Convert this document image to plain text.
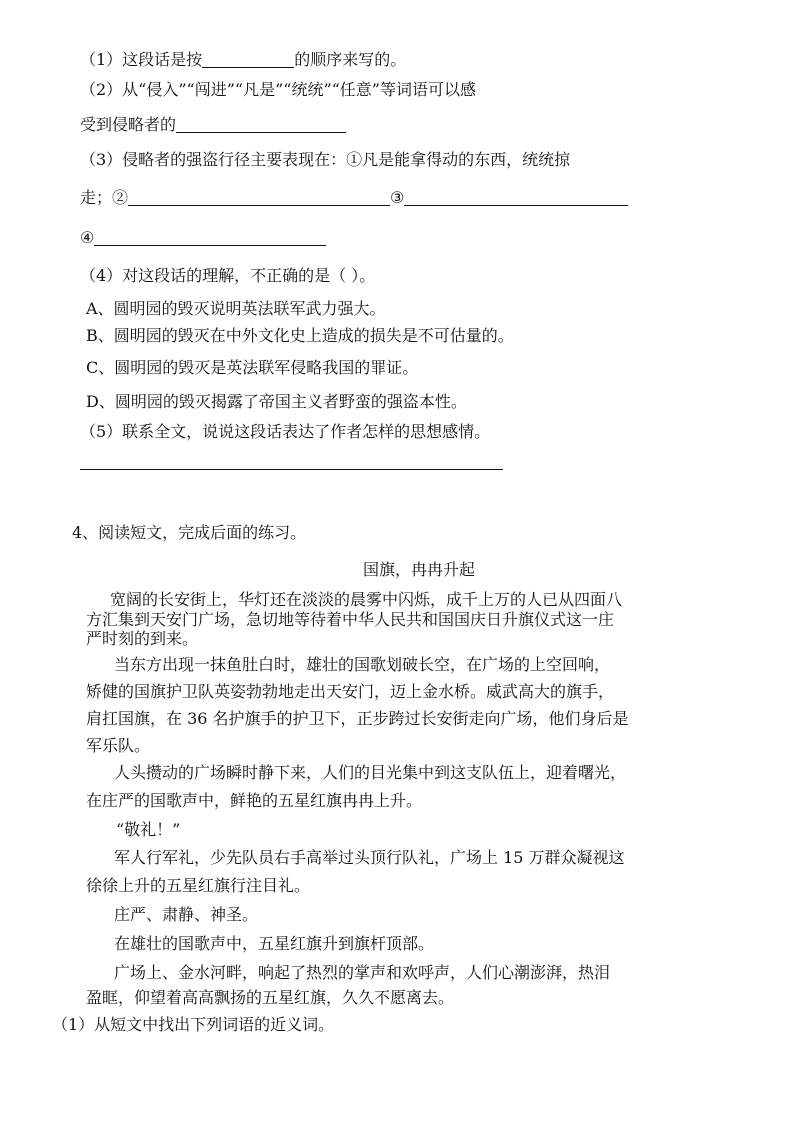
（1）这段话是按	的顺序来写的。
（2）从“侵入”“闯进”“凡是”“统统”“任意”等词语可以感
受到侵略者的
（3）侵略者的强盗行径主要表现在：①凡是能拿得动的东西，统统掠
走；②	③
④
（4）对这段话的理解，不正确的是（ ）。
A、圆明园的毁灭说明英法联军武力强大。
B、圆明园的毁灭在中外文化史上造成的损失是不可估量的。
C、圆明园的毁灭是英法联军侵略我国的罪证。
D、圆明园的毁灭揭露了帝国主义者野蛮的强盗本性。
（5）联系全文，说说这段话表达了作者怎样的思想感情。
4、阅读短文，完成后面的练习。
国旗，冉冉升起
宽阔的长安街上，华灯还在淡淡的晨雾中闪烁，成千上万的人已从四面八
方汇集到天安门广场，急切地等待着中华人民共和国国庆日升旗仪式这一庄
严时刻的到来。
当东方出现一抹鱼肚白时，雄壮的国歌划破长空，在广场的上空回响，
矫健的国旗护卫队英姿勃勃地走出天安门，迈上金水桥。威武高大的旗手，
肩扛国旗，在 36 名护旗手的护卫下，正步跨过长安街走向广场，他们身后是
军乐队。
人头攒动的广场瞬时静下来，人们的目光集中到这支队伍上，迎着曙光，
在庄严的国歌声中，鲜艳的五星红旗冉冉上升。
“敬礼！”
军人行军礼，少先队员右手高举过头顶行队礼，广场上 15 万群众凝视这
徐徐上升的五星红旗行注目礼。
庄严、肃静、神圣。
在雄壮的国歌声中，五星红旗升到旗杆顶部。
广场上、金水河畔，响起了热烈的掌声和欢呼声，人们心潮澎湃，热泪
盈眶，仰望着高高飘扬的五星红旗，久久不愿离去。
（1）从短文中找出下列词语的近义词。
